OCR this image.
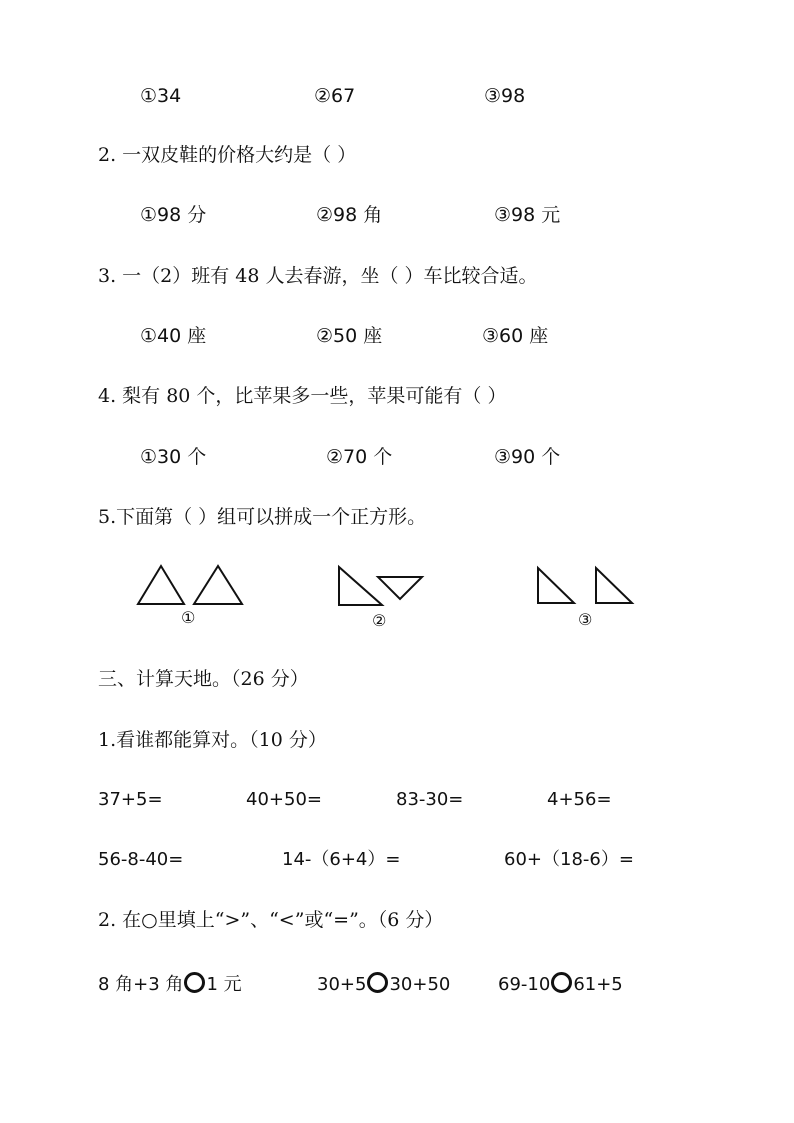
①34	②67	③98
2. 一双皮鞋的价格大约是（ ）
①98 分	②98 角	③98 元
3. 一（2）班有 48 人去春游，坐（ ）车比较合适。
①40 座	②50 座	③60 座
4. 梨有 80 个，比苹果多一些，苹果可能有（ ）
①30 个	②70 个	③90 个
5.下面第（ ）组可以拼成一个正方形。
①	②	③
三、计算天地。（26 分）
1.看谁都能算对。（10 分）
37+5=	40+50=	83-30=	4+56=
56-8-40=	14-（6+4）=	60+（18-6）=
2. 在○里填上“>”、“<”或“=”。（6 分）
8 角+3 角 1 元	30+5 30+50	69-10 61+5
